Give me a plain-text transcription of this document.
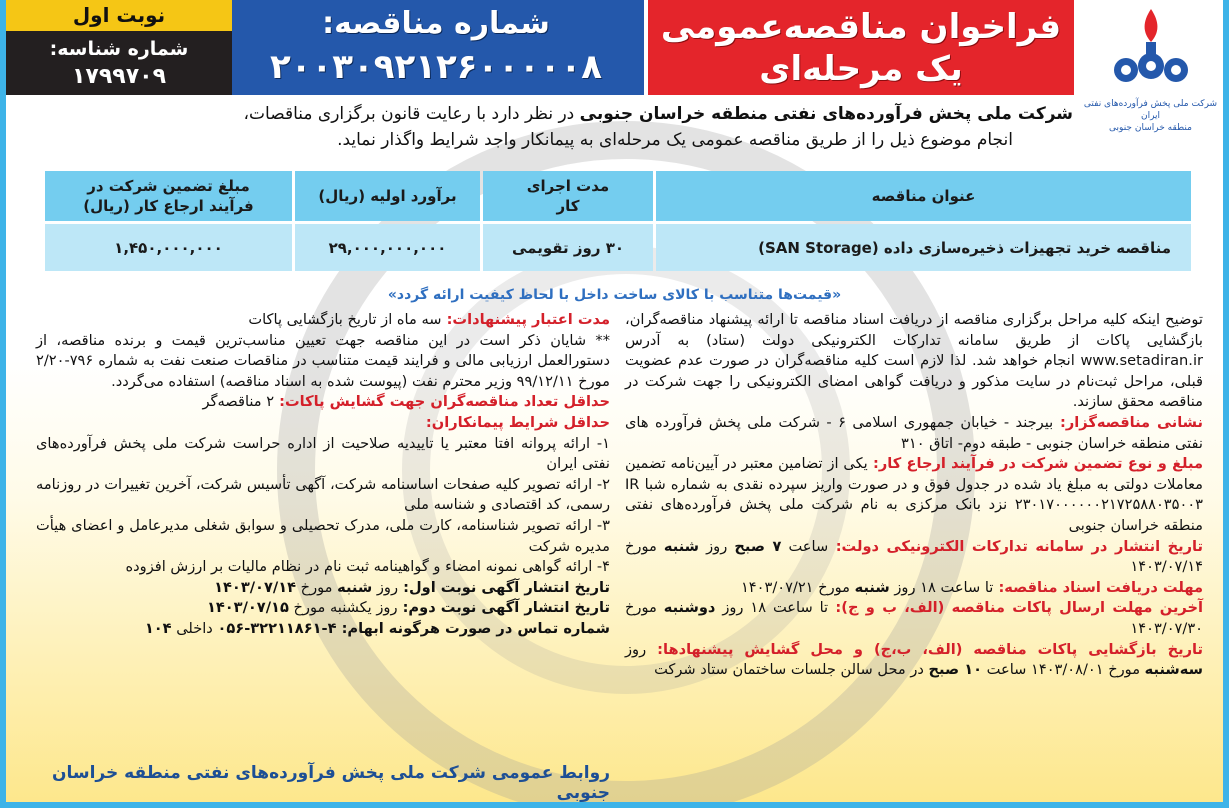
شرکت ملی پخش فرآورده‌های نفتی ایران
منطقه خراسان جنوبی
فراخوان مناقصه‌عمومی
یک مرحله‌ای
شماره مناقصه:
۲۰۰۳۰۹۲۱۲۶۰۰۰۰۰۸
نوبت اول
شماره شناسه:
۱۷۹۹۷۰۹
شرکت ملی پخش فرآورده‌های نفتی منطقه خراسان جنوبی در نظر دارد با رعایت قانون برگزاری مناقصات،
انجام موضوع ذیل را از طریق مناقصه عمومی یک مرحله‌ای به پیمانکار واجد شرایط واگذار نماید.
عنوان مناقصه	مدت اجرای کار	برآورد اولیه (ریال)	مبلغ تضمین شرکت در فرآیند ارجاع کار (ریال)
مناقصه خرید تجهیزات ذخیره‌سازی داده (SAN Storage)	۳۰ روز تقویمی	۲۹,۰۰۰,۰۰۰,۰۰۰	۱,۴۵۰,۰۰۰,۰۰۰
«قیمت‌ها متناسب با کالای ساخت داخل با لحاظ کیفیت ارائه گردد»

توضیح اینکه کلیه مراحل برگزاری مناقصه از دریافت اسناد مناقصه تا ارائه پیشنهاد مناقصه‌گران، بازگشایی پاکات از طریق سامانه تدارکات الکترونیکی دولت (ستاد) به آدرس www.setadiran.ir انجام خواهد شد. لذا لازم است کلیه مناقصه‌گران در صورت عدم عضویت قبلی، مراحل ثبت‌نام در سایت مذکور و دریافت گواهی امضای الکترونیکی را جهت شرکت در مناقصه محقق سازند.

نشانی مناقصه‌گزار: بیرجند - خیابان جمهوری اسلامی ۶ - شرکت ملی پخش فرآورده های نفتی منطقه خراسان جنوبی - طبقه دوم- اتاق ۳۱۰

مبلغ و نوع تضمین شرکت در فرآیند ارجاع کار: یکی از تضامین معتبر در آیین‌نامه تضمین معاملات دولتی به مبلغ یاد شده در جدول فوق و در صورت واریز سپرده نقدی به شماره شبا IR ۲۳۰۱۷۰۰۰۰۰۰۲۱۷۲۵۸۸۰۳۵۰۰۳ نزد بانک مرکزی به نام شرکت ملی پخش فرآورده‌های نفتی منطقه خراسان جنوبی

تاریخ انتشار در سامانه تدارکات الکترونیکی دولت: ساعت ۷ صبح روز شنبه مورخ ۱۴۰۳/۰۷/۱۴

مهلت دریافت اسناد مناقصه: تا ساعت ۱۸ روز شنبه مورخ ۱۴۰۳/۰۷/۲۱

آخرین مهلت ارسال پاکات مناقصه (الف، ب و ج): تا ساعت ۱۸ روز دوشنبه مورخ ۱۴۰۳/۰۷/۳۰

تاریخ بازگشایی پاکات مناقصه (الف، ب،ج) و محل گشایش پیشنهادها: روز سه‌شنبه مورخ ۱۴۰۳/۰۸/۰۱ ساعت ۱۰ صبح در محل سالن جلسات ساختمان ستاد شرکت

مدت اعتبار پیشنهادات: سه ماه از تاریخ بازگشایی پاکات

** شایان ذکر است در این مناقصه جهت تعیین مناسب‌ترین قیمت و برنده مناقصه، از دستورالعمل ارزیابی مالی و فرایند قیمت متناسب در مناقصات صنعت نفت به شماره ۷۹۶-۲/۲۰ مورخ ۹۹/۱۲/۱۱ وزیر محترم نفت (پیوست شده به اسناد مناقصه) استفاده می‌گردد.

حداقل تعداد مناقصه‌گران جهت گشایش پاکات: ۲ مناقصه‌گر

حداقل شرایط پیمانکاران:

۱- ارائه پروانه افتا معتبر یا تاییدیه صلاحیت از اداره حراست شرکت ملی پخش فرآورده‌های نفتی ایران

۲- ارائه تصویر کلیه صفحات اساسنامه شرکت، آگهی تأسیس شرکت، آخرین تغییرات در روزنامه رسمی، کد اقتصادی و شناسه ملی

۳- ارائه تصویر شناسنامه، کارت ملی، مدرک تحصیلی و سوابق شغلی مدیرعامل و اعضای هیأت مدیره شرکت

۴- ارائه گواهی نمونه امضاء و گواهینامه ثبت نام در نظام مالیات بر ارزش افزوده

تاریخ انتشار آگهی نوبت اول: روز شنبه مورخ ۱۴۰۳/۰۷/۱۴

تاریخ انتشار آگهی نوبت دوم: روز یکشنبه مورخ ۱۴۰۳/۰۷/۱۵

شماره تماس در صورت هرگونه ابهام: ۴-۳۲۲۱۱۸۶۱-۰۵۶ داخلی ۱۰۴

روابط عمومی شرکت ملی پخش فرآورده‌های نفتی منطقه خراسان جنوبی
